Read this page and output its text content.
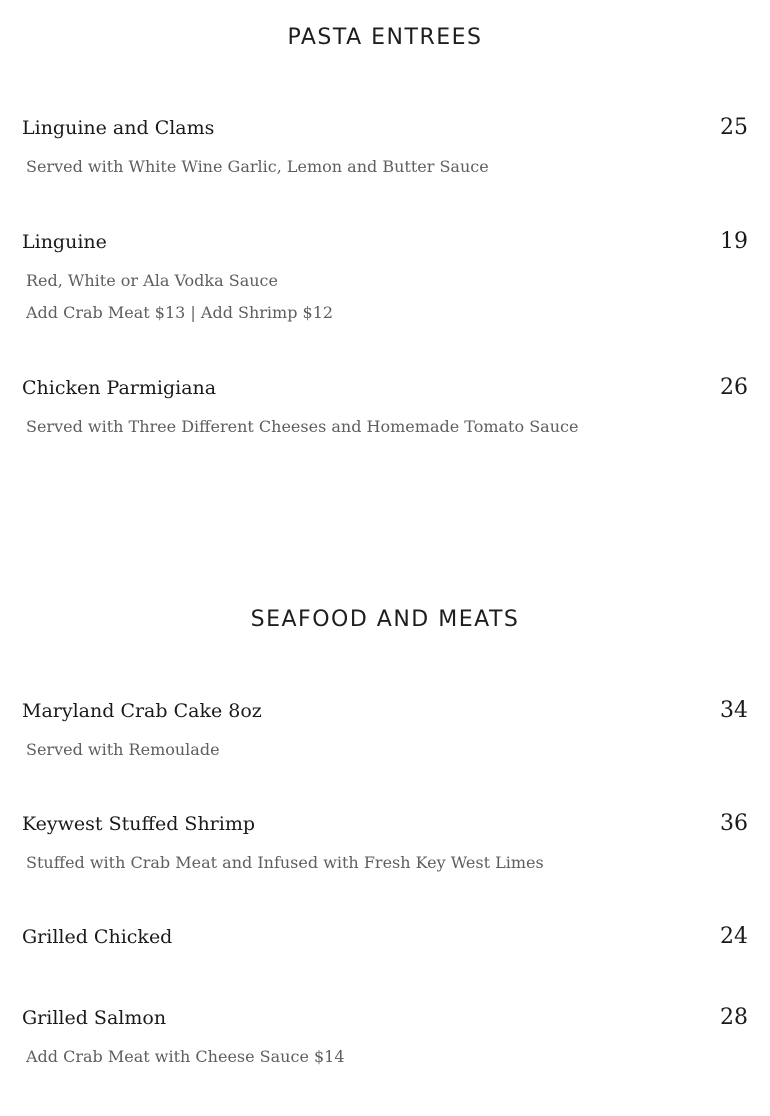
PASTA ENTREES
Linguine and Clams	25
Served with White Wine Garlic, Lemon and Butter Sauce
Linguine	19
Red, White or Ala Vodka Sauce
Add Crab Meat $13 | Add Shrimp $12
Chicken Parmigiana	26
Served with Three Different Cheeses and Homemade Tomato Sauce
SEAFOOD AND MEATS
Maryland Crab Cake 8oz	34
Served with Remoulade
Keywest Stuffed Shrimp	36
Stuffed with Crab Meat and Infused with Fresh Key West Limes
Grilled Chicked	24
Grilled Salmon	28
Add Crab Meat with Cheese Sauce $14
